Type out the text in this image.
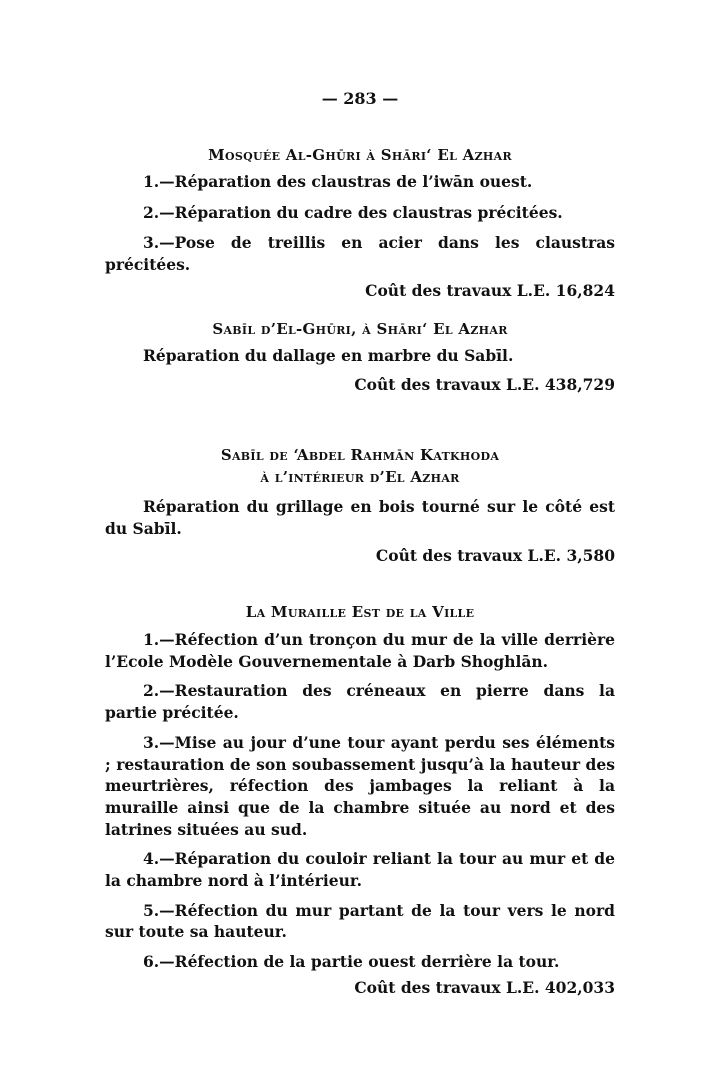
— 283 —
Mosquée Al-Ghūri à Shāri‘ El Azhar
1.—Réparation des claustras de l’iwān ouest.
2.—Réparation du cadre des claustras précitées.
3.—Pose de treillis en acier dans les claustras précitées.
Coût des travaux L.E. 16,824
Sabīl d’El-Ghūri, à Shāri‘ El Azhar
Réparation du dallage en marbre du Sabīl.
Coût des travaux L.E. 438,729
Sabīl de ‘Abdel Rahmān Katkhoda
à l’intérieur d’El Azhar
Réparation du grillage en bois tourné sur le côté est du Sabīl.
Coût des travaux L.E. 3,580
La Muraille Est de la Ville
1.—Réfection d’un tronçon du mur de la ville derrière l’Ecole Modèle Gouvernementale à Darb Shoghlān.
2.—Restauration des créneaux en pierre dans la partie précitée.
3.—Mise au jour d’une tour ayant perdu ses éléments ; restauration de son soubassement jusqu’à la hauteur des meurtrières, réfection des jambages la reliant à la muraille ainsi que de la chambre située au nord et des latrines situées au sud.
4.—Réparation du couloir reliant la tour au mur et de la chambre nord à l’intérieur.
5.—Réfection du mur partant de la tour vers le nord sur toute sa hauteur.
6.—Réfection de la partie ouest derrière la tour.
Coût des travaux L.E. 402,033
